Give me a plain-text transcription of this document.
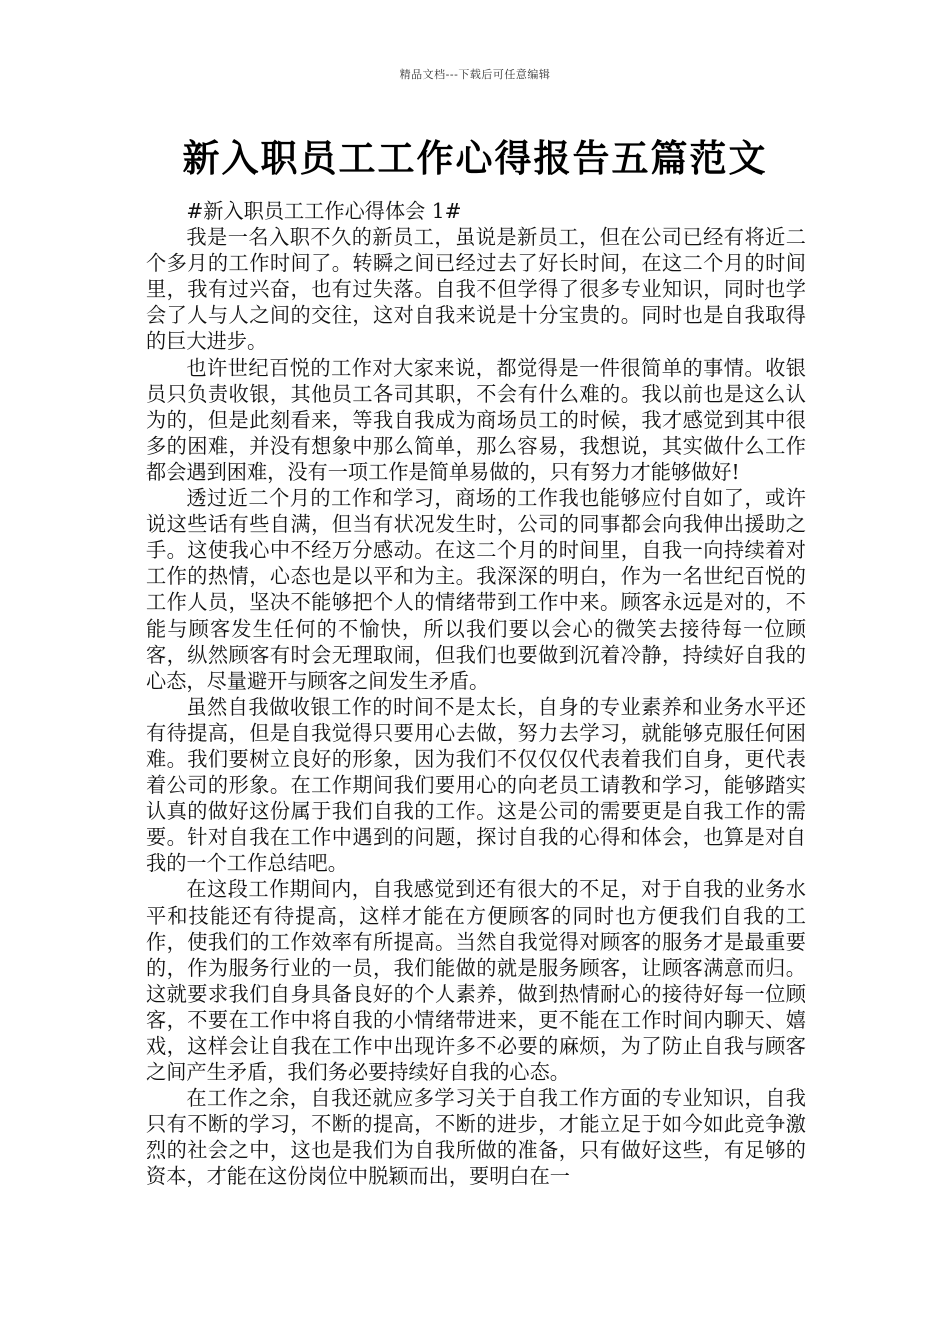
精品文档---下载后可任意编辑
新入职员工工作心得报告五篇范文

#新入职员工工作心得体会 1#

我是一名入职不久的新员工，虽说是新员工，但在公司已经有将近二个多月的工作时间了。转瞬之间已经过去了好长时间，在这二个月的时间里，我有过兴奋，也有过失落。自我不但学得了很多专业知识，同时也学会了人与人之间的交往，这对自我来说是十分宝贵的。同时也是自我取得的巨大进步。

也许世纪百悦的工作对大家来说，都觉得是一件很简单的事情。收银员只负责收银，其他员工各司其职，不会有什么难的。我以前也是这么认为的，但是此刻看来，等我自我成为商场员工的时候，我才感觉到其中很多的困难，并没有想象中那么简单，那么容易，我想说，其实做什么工作都会遇到困难，没有一项工作是简单易做的，只有努力才能够做好!

透过近二个月的工作和学习，商场的工作我也能够应付自如了，或许说这些话有些自满，但当有状况发生时，公司的同事都会向我伸出援助之手。这使我心中不经万分感动。在这二个月的时间里，自我一向持续着对工作的热情，心态也是以平和为主。我深深的明白，作为一名世纪百悦的工作人员，坚决不能够把个人的情绪带到工作中来。顾客永远是对的，不能与顾客发生任何的不愉快，所以我们要以会心的微笑去接待每一位顾客，纵然顾客有时会无理取闹，但我们也要做到沉着冷静，持续好自我的心态，尽量避开与顾客之间发生矛盾。

虽然自我做收银工作的时间不是太长，自身的专业素养和业务水平还有待提高，但是自我觉得只要用心去做，努力去学习，就能够克服任何困难。我们要树立良好的形象，因为我们不仅仅仅代表着我们自身，更代表着公司的形象。在工作期间我们要用心的向老员工请教和学习，能够踏实认真的做好这份属于我们自我的工作。这是公司的需要更是自我工作的需要。针对自我在工作中遇到的问题，探讨自我的心得和体会，也算是对自我的一个工作总结吧。

在这段工作期间内，自我感觉到还有很大的不足，对于自我的业务水平和技能还有待提高，这样才能在方便顾客的同时也方便我们自我的工作，使我们的工作效率有所提高。当然自我觉得对顾客的服务才是最重要的，作为服务行业的一员，我们能做的就是服务顾客，让顾客满意而归。这就要求我们自身具备良好的个人素养，做到热情耐心的接待好每一位顾客，不要在工作中将自我的小情绪带进来，更不能在工作时间内聊天、嬉戏，这样会让自我在工作中出现许多不必要的麻烦，为了防止自我与顾客之间产生矛盾，我们务必要持续好自我的心态。

在工作之余，自我还就应多学习关于自我工作方面的专业知识，自我只有不断的学习，不断的提高，不断的进步，才能立足于如今如此竞争激烈的社会之中，这也是我们为自我所做的准备，只有做好这些，有足够的资本，才能在这份岗位中脱颖而出，要明白在一
